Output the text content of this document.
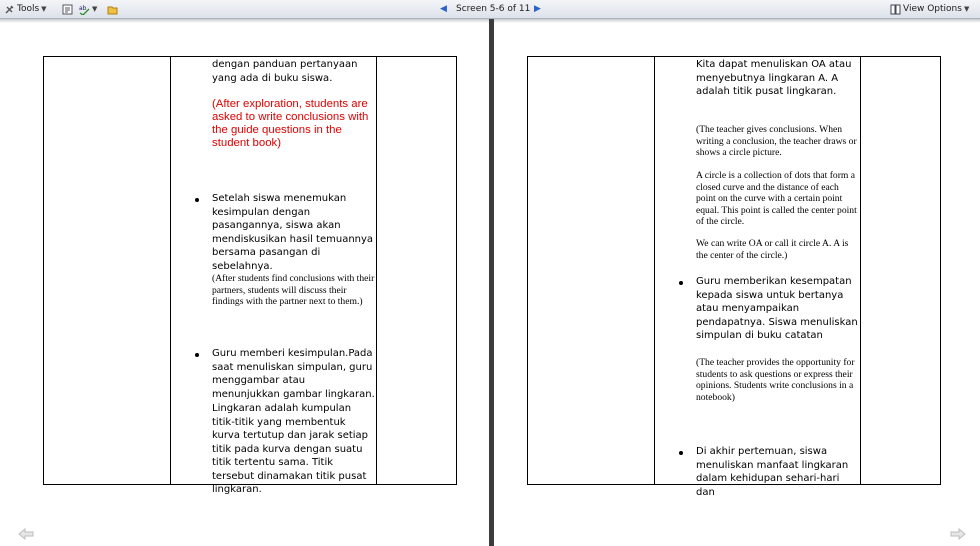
Tools ▼	ab ▼	◀ Screen 5-6 of 11 ▶	View Options ▼

dengan panduan pertanyaan yang ada di buku siswa.
(After exploration, students are asked to write conclusions with the guide questions in the student book)
Setelah siswa menemukan kesimpulan dengan pasangannya, siswa akan mendiskusikan hasil temuannya bersama pasangan di sebelahnya.
(After students find conclusions with their partners, students will discuss their findings with the partner next to them.)
Guru memberi kesimpulan.Pada saat menuliskan simpulan, guru menggambar atau menunjukkan gambar lingkaran.
Lingkaran adalah kumpulan titik-titik yang membentuk kurva tertutup dan jarak setiap titik pada kurva dengan suatu titik tertentu sama. Titik tersebut dinamakan titik pusat lingkaran.

Kita dapat menuliskan OA atau menyebutnya lingkaran A. A adalah titik pusat lingkaran.
(The teacher gives conclusions. When writing a conclusion, the teacher draws or shows a circle picture.
A circle is a collection of dots that form a closed curve and the distance of each point on the curve with a certain point equal. This point is called the center point of the circle.
We can write OA or call it circle A. A is the center of the circle.)
Guru memberikan kesempatan kepada siswa untuk bertanya atau menyampaikan pendapatnya. Siswa menuliskan simpulan di buku catatan
(The teacher provides the opportunity for students to ask questions or express their opinions. Students write conclusions in a notebook)
Di akhir pertemuan, siswa menuliskan manfaat lingkaran dalam kehidupan sehari-hari dan
